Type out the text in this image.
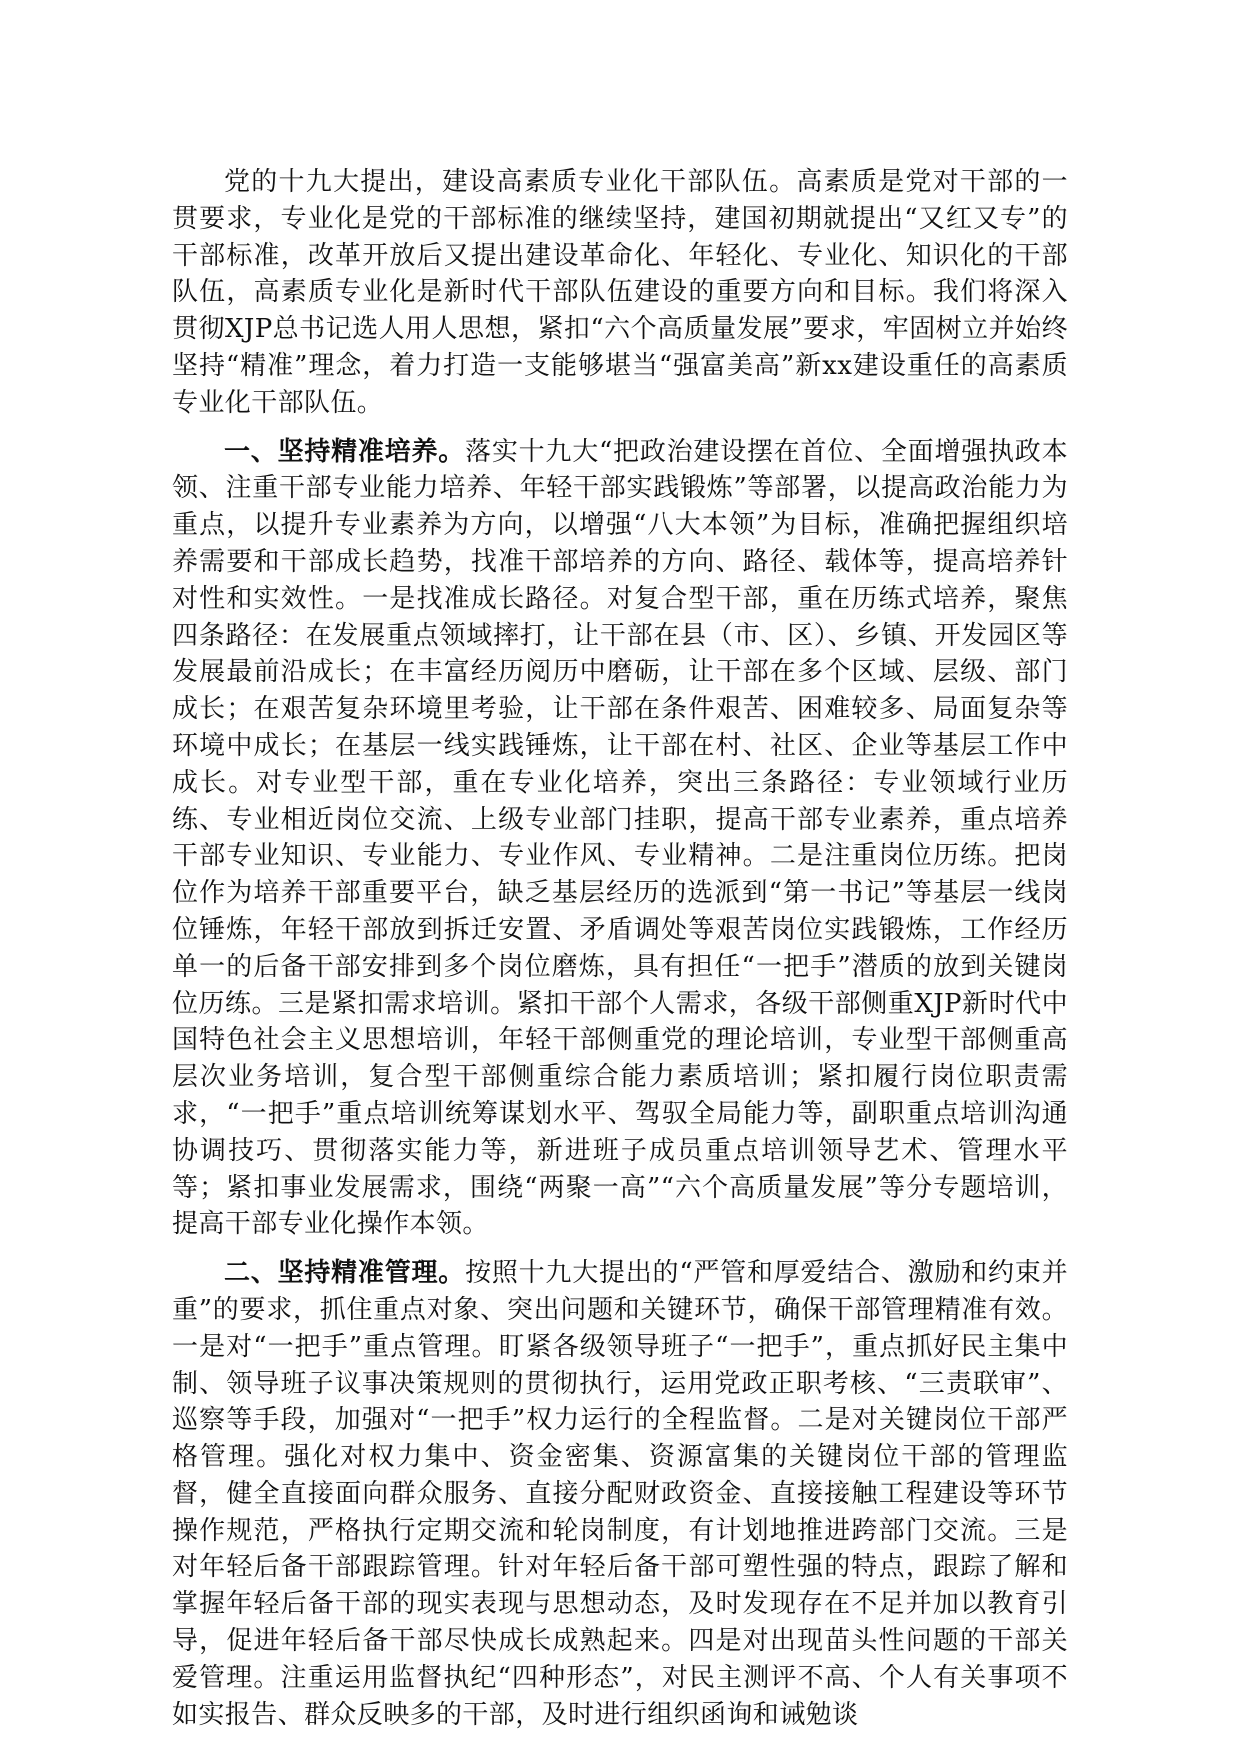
党的十九大提出，建设高素质专业化干部队伍。高素质是党对干部的一贯要求，专业化是党的干部标准的继续坚持，建国初期就提出“又红又专”的干部标准，改革开放后又提出建设革命化、年轻化、专业化、知识化的干部队伍，高素质专业化是新时代干部队伍建设的重要方向和目标。我们将深入贯彻XJP总书记选人用人思想，紧扣“六个高质量发展”要求，牢固树立并始终坚持“精准”理念，着力打造一支能够堪当“强富美高”新xx建设重任的高素质专业化干部队伍。

一、坚持精准培养。落实十九大“把政治建设摆在首位、全面增强执政本领、注重干部专业能力培养、年轻干部实践锻炼”等部署，以提高政治能力为重点，以提升专业素养为方向，以增强“八大本领”为目标，准确把握组织培养需要和干部成长趋势，找准干部培养的方向、路径、载体等，提高培养针对性和实效性。一是找准成长路径。对复合型干部，重在历练式培养，聚焦四条路径：在发展重点领域摔打，让干部在县（市、区）、乡镇、开发园区等发展最前沿成长；在丰富经历阅历中磨砺，让干部在多个区域、层级、部门成长；在艰苦复杂环境里考验，让干部在条件艰苦、困难较多、局面复杂等环境中成长；在基层一线实践锤炼，让干部在村、社区、企业等基层工作中成长。对专业型干部，重在专业化培养，突出三条路径：专业领域行业历练、专业相近岗位交流、上级专业部门挂职，提高干部专业素养，重点培养干部专业知识、专业能力、专业作风、专业精神。二是注重岗位历练。把岗位作为培养干部重要平台，缺乏基层经历的选派到“第一书记”等基层一线岗位锤炼，年轻干部放到拆迁安置、矛盾调处等艰苦岗位实践锻炼，工作经历单一的后备干部安排到多个岗位磨炼，具有担任“一把手”潜质的放到关键岗位历练。三是紧扣需求培训。紧扣干部个人需求，各级干部侧重XJP新时代中国特色社会主义思想培训，年轻干部侧重党的理论培训，专业型干部侧重高层次业务培训，复合型干部侧重综合能力素质培训；紧扣履行岗位职责需求，“一把手”重点培训统筹谋划水平、驾驭全局能力等，副职重点培训沟通协调技巧、贯彻落实能力等，新进班子成员重点培训领导艺术、管理水平等；紧扣事业发展需求，围绕“两聚一高”“六个高质量发展”等分专题培训，提高干部专业化操作本领。

二、坚持精准管理。按照十九大提出的“严管和厚爱结合、激励和约束并重”的要求，抓住重点对象、突出问题和关键环节，确保干部管理精准有效。一是对“一把手”重点管理。盯紧各级领导班子“一把手”，重点抓好民主集中制、领导班子议事决策规则的贯彻执行，运用党政正职考核、“三责联审”、巡察等手段，加强对“一把手”权力运行的全程监督。二是对关键岗位干部严格管理。强化对权力集中、资金密集、资源富集的关键岗位干部的管理监督，健全直接面向群众服务、直接分配财政资金、直接接触工程建设等环节操作规范，严格执行定期交流和轮岗制度，有计划地推进跨部门交流。三是对年轻后备干部跟踪管理。针对年轻后备干部可塑性强的特点，跟踪了解和掌握年轻后备干部的现实表现与思想动态，及时发现存在不足并加以教育引导，促进年轻后备干部尽快成长成熟起来。四是对出现苗头性问题的干部关爱管理。注重运用监督执纪“四种形态”，对民主测评不高、个人有关事项不如实报告、群众反映多的干部，及时进行组织函询和诫勉谈
